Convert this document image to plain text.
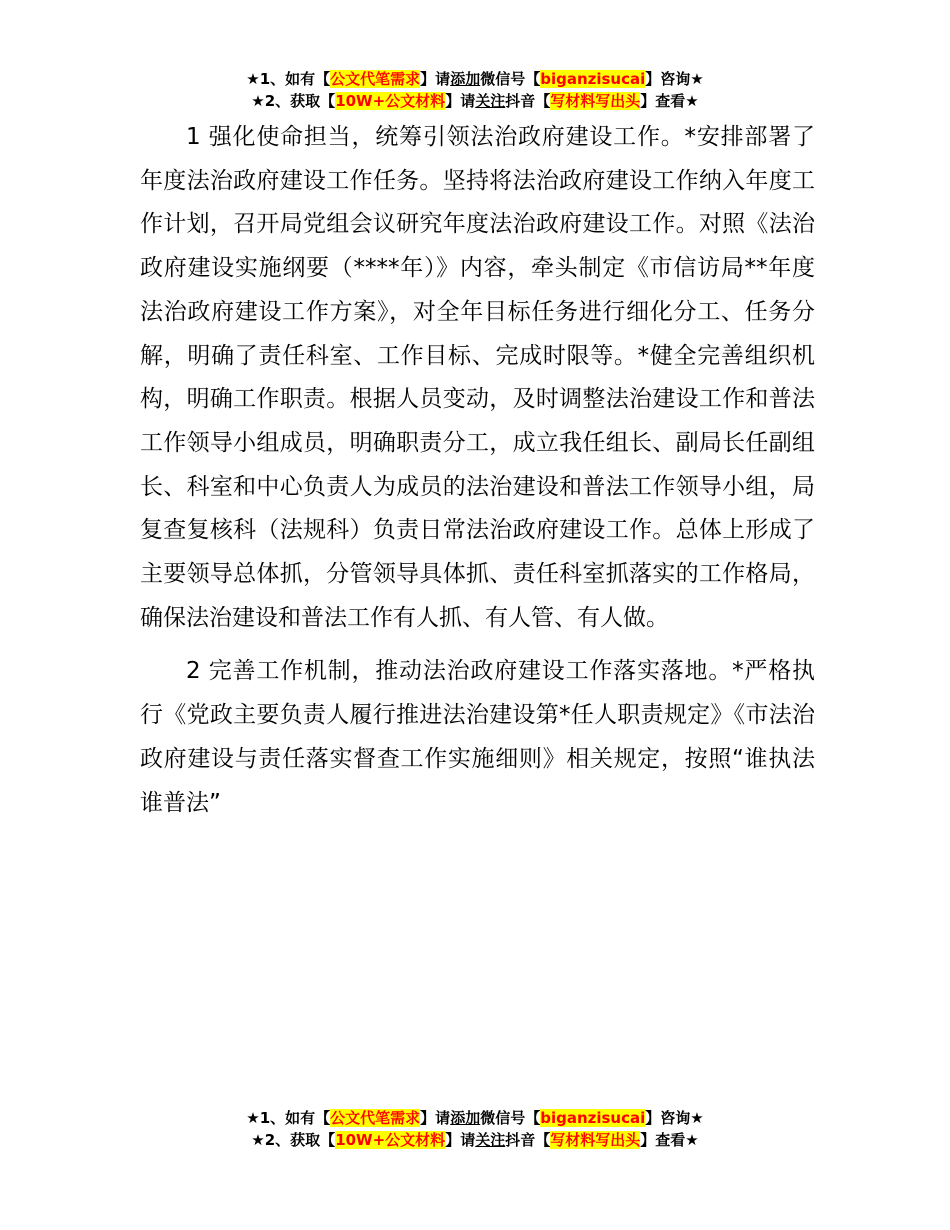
★1、如有【公文代笔需求】请添加微信号【biganzisucai】咨询★
★2、获取【10W+公文材料】请关注抖音【写材料写出头】查看★

1 强化使命担当，统筹引领法治政府建设工作。*安排部署了年度法治政府建设工作任务。坚持将法治政府建设工作纳入年度工作计划，召开局党组会议研究年度法治政府建设工作。对照《法治政府建设实施纲要（****年）》内容，牵头制定《市信访局**年度法治政府建设工作方案》，对全年目标任务进行细化分工、任务分解，明确了责任科室、工作目标、完成时限等。*健全完善组织机构，明确工作职责。根据人员变动，及时调整法治建设工作和普法工作领导小组成员，明确职责分工，成立我任组长、副局长任副组长、科室和中心负责人为成员的法治建设和普法工作领导小组，局复查复核科（法规科）负责日常法治政府建设工作。总体上形成了主要领导总体抓，分管领导具体抓、责任科室抓落实的工作格局，确保法治建设和普法工作有人抓、有人管、有人做。

2 完善工作机制，推动法治政府建设工作落实落地。*严格执行《党政主要负责人履行推进法治建设第*任人职责规定》《市法治政府建设与责任落实督查工作实施细则》相关规定，按照“谁执法谁普法”

★1、如有【公文代笔需求】请添加微信号【biganzisucai】咨询★
★2、获取【10W+公文材料】请关注抖音【写材料写出头】查看★
